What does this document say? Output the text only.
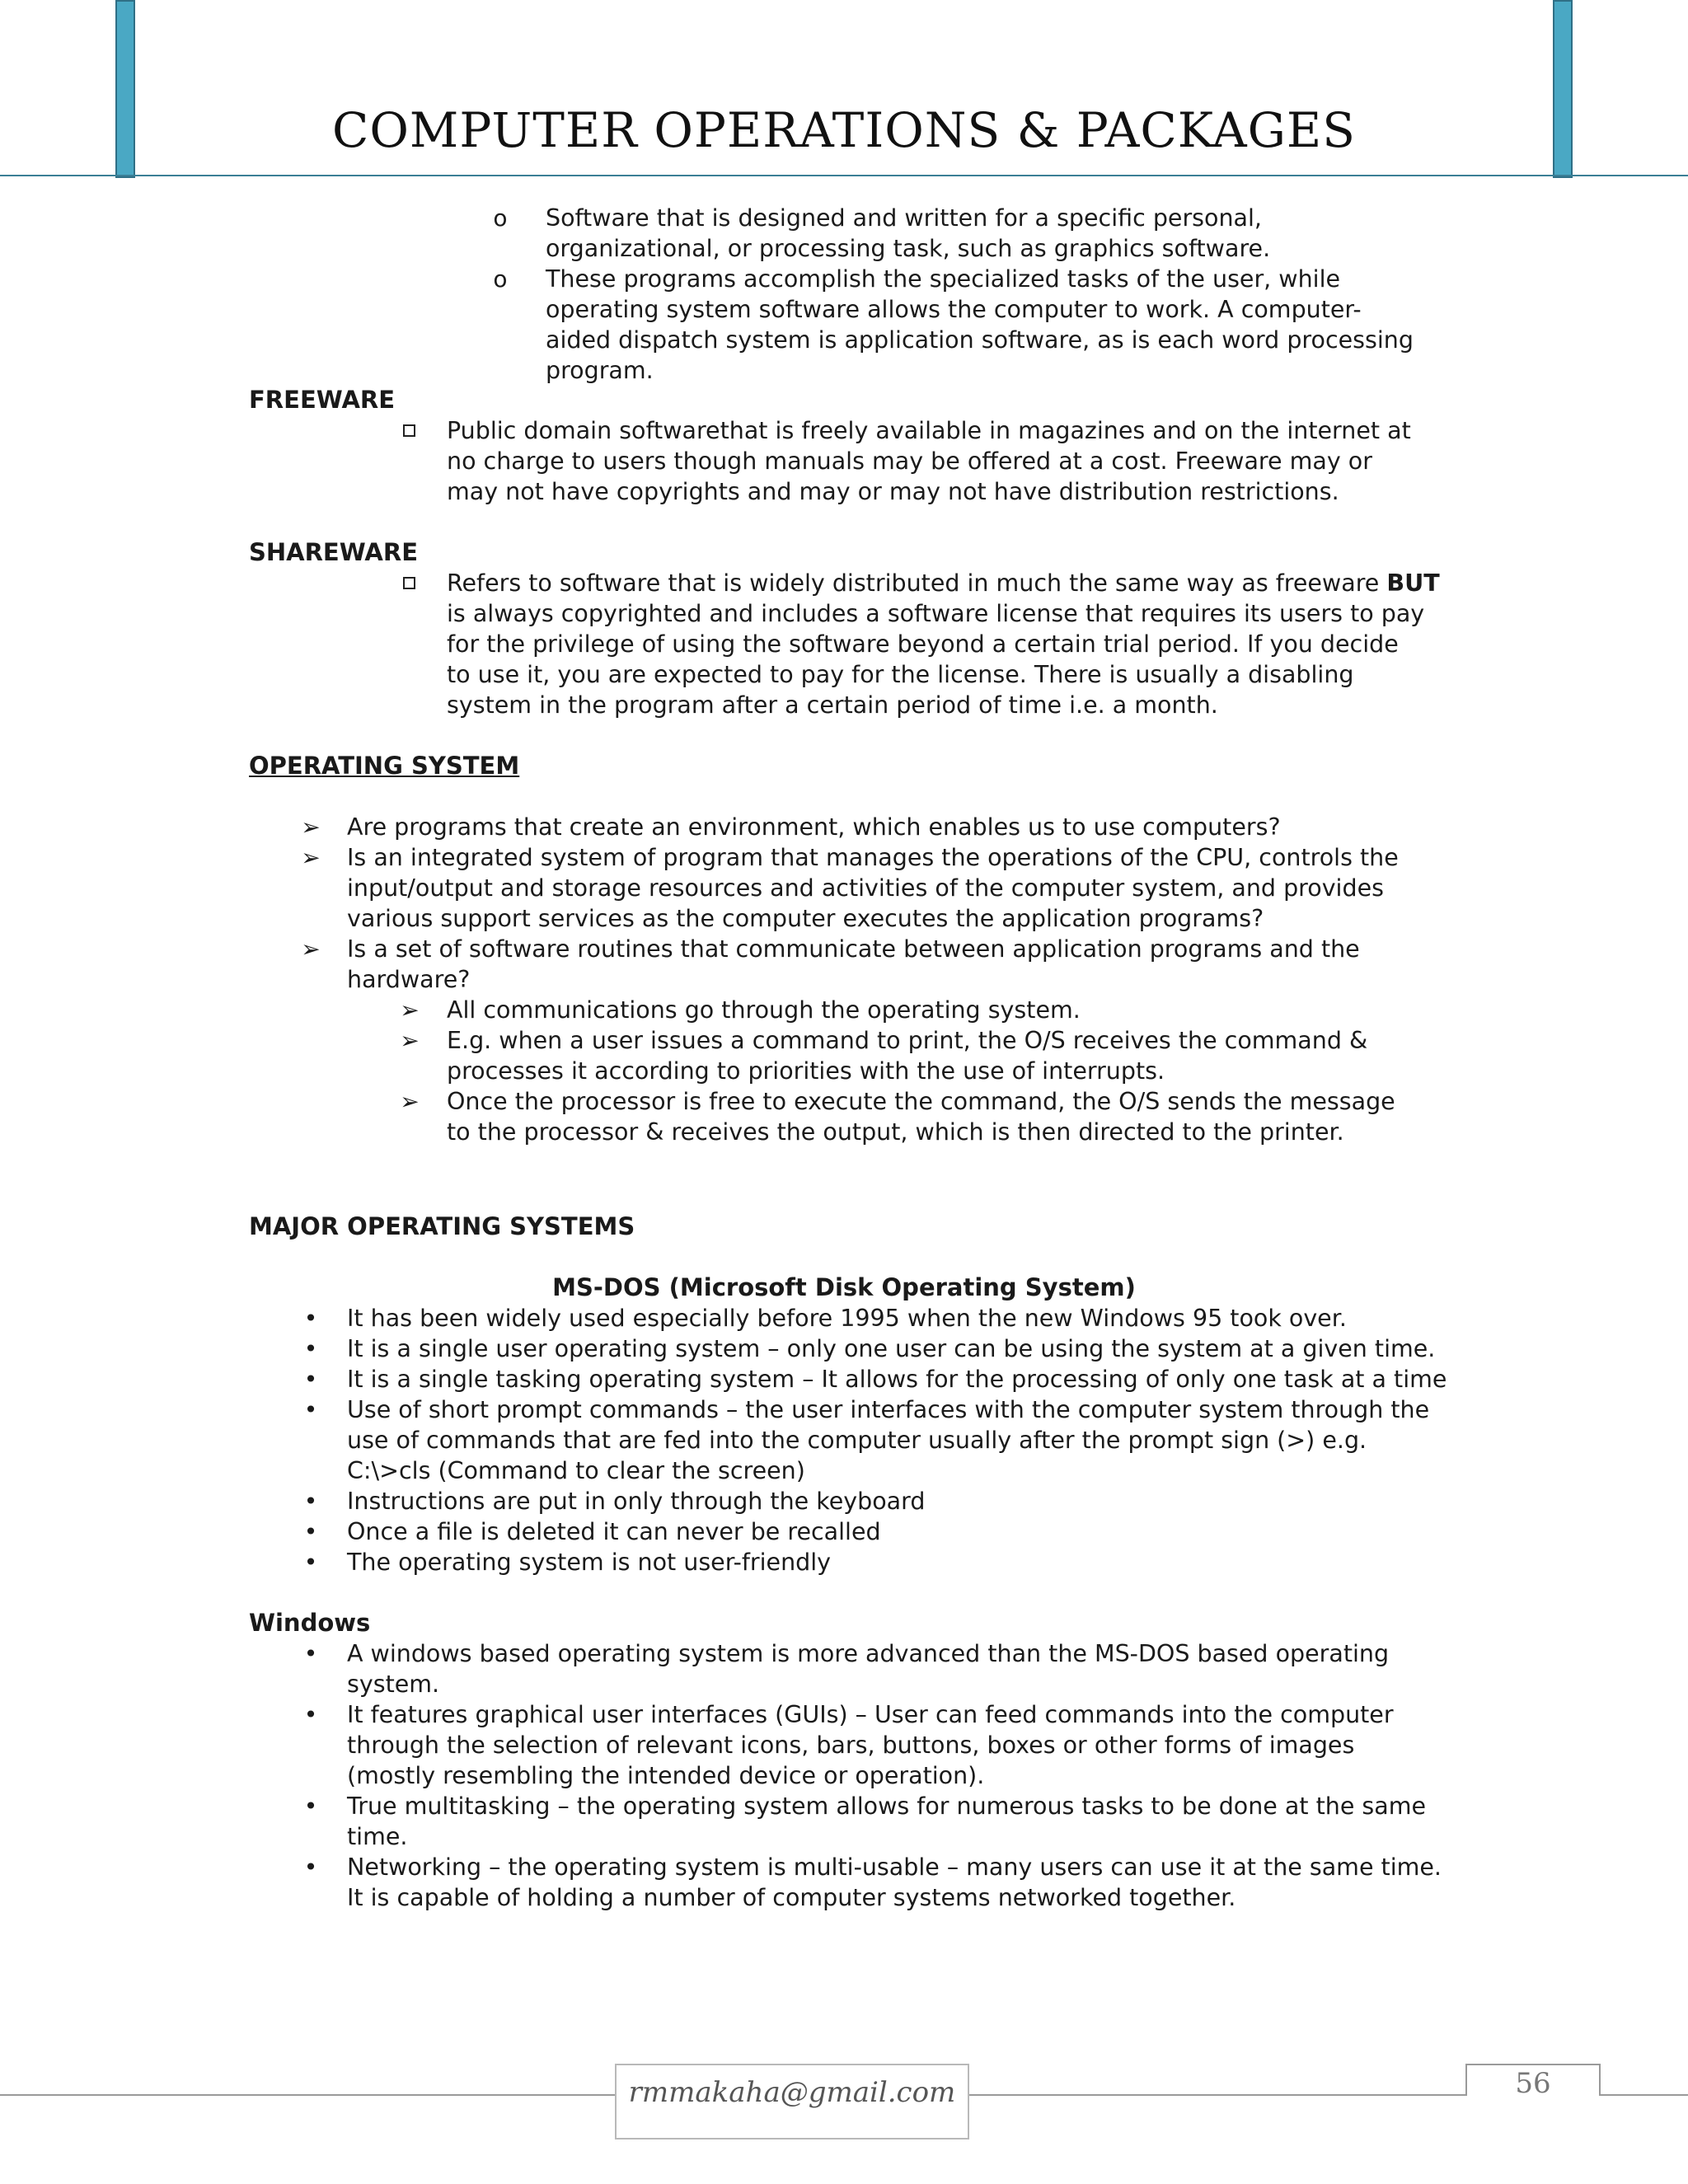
COMPUTER OPERATIONS & PACKAGES
o Software that is designed and written for a specific personal,
organizational, or processing task, such as graphics software.
o These programs accomplish the specialized tasks of the user, while
operating system software allows the computer to work. A computer-
aided dispatch system is application software, as is each word processing
program.
FREEWARE
Public domain softwarethat is freely available in magazines and on the internet at
no charge to users though manuals may be offered at a cost. Freeware may or
may not have copyrights and may or may not have distribution restrictions.
SHAREWARE
Refers to software that is widely distributed in much the same way as freeware BUT
is always copyrighted and includes a software license that requires its users to pay
for the privilege of using the software beyond a certain trial period. If you decide
to use it, you are expected to pay for the license. There is usually a disabling
system in the program after a certain period of time i.e. a month.
OPERATING SYSTEM
➢ Are programs that create an environment, which enables us to use computers?
➢ Is an integrated system of program that manages the operations of the CPU, controls the
input/output and storage resources and activities of the computer system, and provides
various support services as the computer executes the application programs?
➢ Is a set of software routines that communicate between application programs and the
hardware?
➢ All communications go through the operating system.
➢ E.g. when a user issues a command to print, the O/S receives the command &
processes it according to priorities with the use of interrupts.
➢ Once the processor is free to execute the command, the O/S sends the message
to the processor & receives the output, which is then directed to the printer.
MAJOR OPERATING SYSTEMS
MS-DOS (Microsoft Disk Operating System)
• It has been widely used especially before 1995 when the new Windows 95 took over.
• It is a single user operating system – only one user can be using the system at a given time.
• It is a single tasking operating system – It allows for the processing of only one task at a time
• Use of short prompt commands – the user interfaces with the computer system through the
use of commands that are fed into the computer usually after the prompt sign (>) e.g.
C:\>cls (Command to clear the screen)
• Instructions are put in only through the keyboard
• Once a file is deleted it can never be recalled
• The operating system is not user-friendly
Windows
• A windows based operating system is more advanced than the MS-DOS based operating
system.
• It features graphical user interfaces (GUIs) – User can feed commands into the computer
through the selection of relevant icons, bars, buttons, boxes or other forms of images
(mostly resembling the intended device or operation).
• True multitasking – the operating system allows for numerous tasks to be done at the same
time.
• Networking – the operating system is multi-usable – many users can use it at the same time.
It is capable of holding a number of computer systems networked together.
rmmakaha@gmail.com	56
